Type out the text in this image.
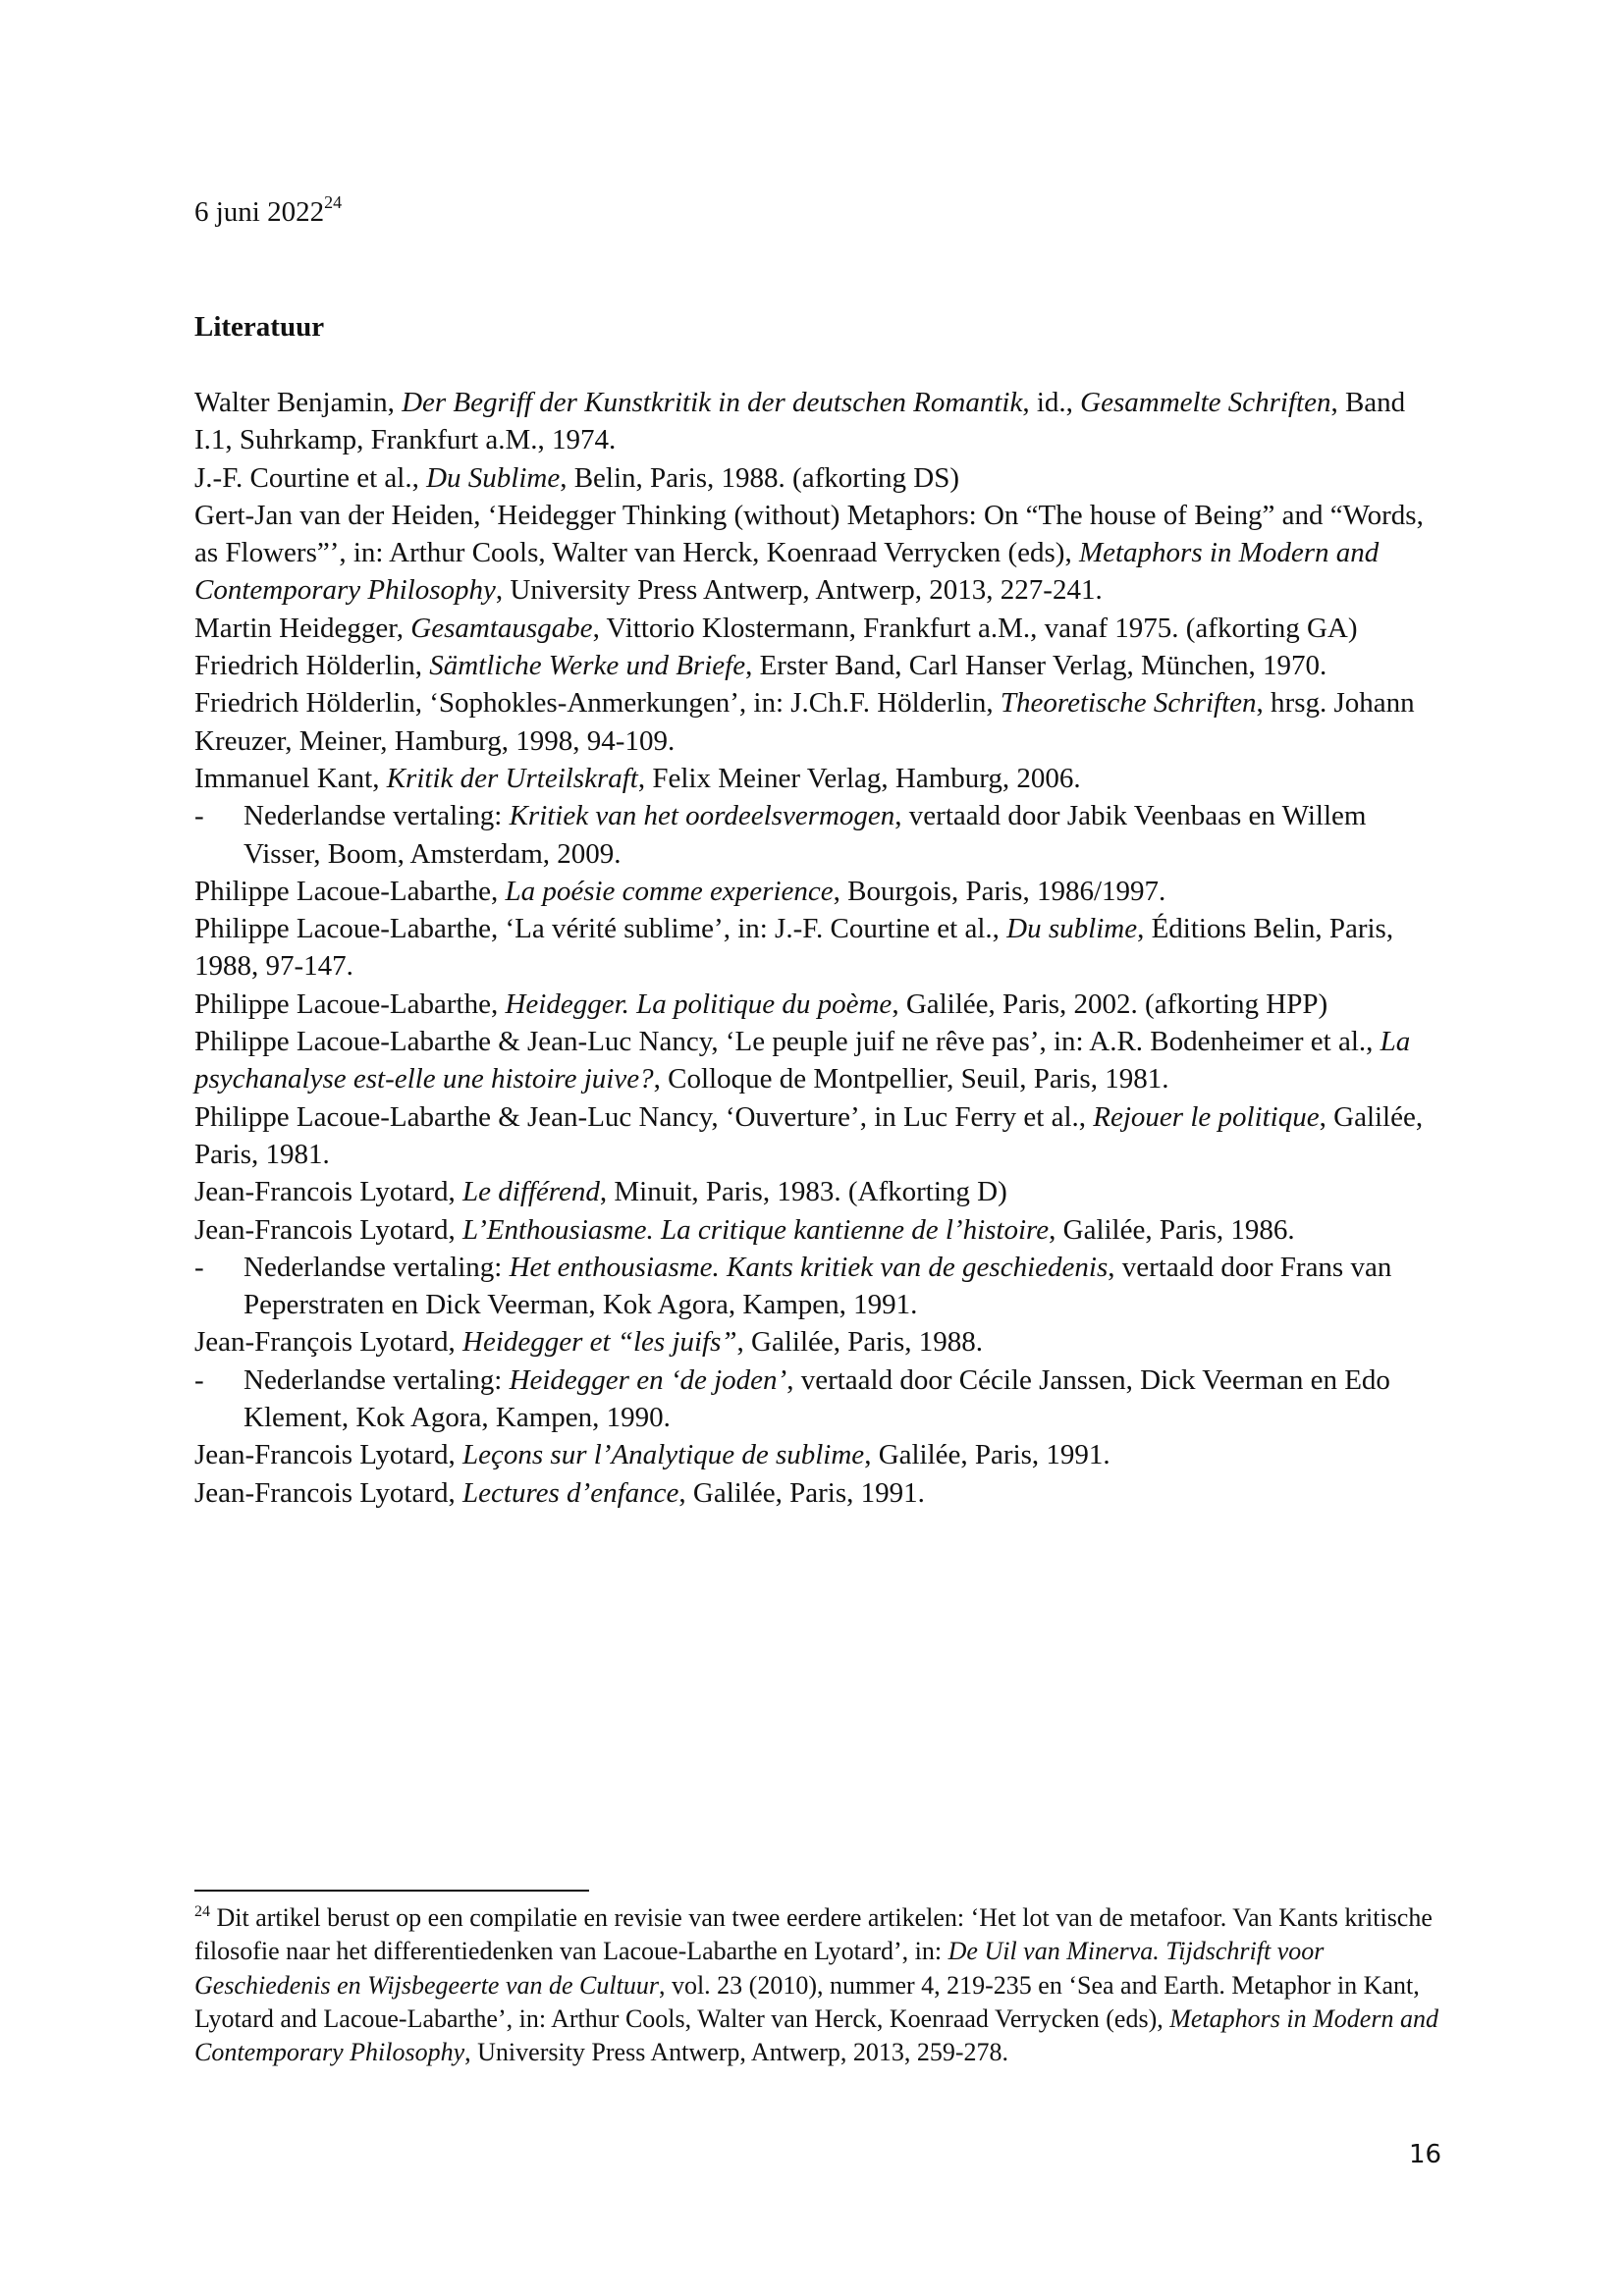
6 juni 2022$^{24}$
Literatuur
Walter Benjamin, Der Begriff der Kunstkritik in der deutschen Romantik, id., Gesammelte Schriften, Band I.1, Suhrkamp, Frankfurt a.M., 1974.
J.-F. Courtine et al., Du Sublime, Belin, Paris, 1988. (afkorting DS)
Gert-Jan van der Heiden, ‘Heidegger Thinking (without) Metaphors: On “The house of Being” and “Words, as Flowers”’, in: Arthur Cools, Walter van Herck, Koenraad Verrycken (eds), Metaphors in Modern and Contemporary Philosophy, University Press Antwerp, Antwerp, 2013, 227-241.
Martin Heidegger, Gesamtausgabe, Vittorio Klostermann, Frankfurt a.M., vanaf 1975. (afkorting GA)
Friedrich Hölderlin, Sämtliche Werke und Briefe, Erster Band, Carl Hanser Verlag, München, 1970.
Friedrich Hölderlin, ‘Sophokles-Anmerkungen’, in: J.Ch.F. Hölderlin, Theoretische Schriften, hrsg. Johann Kreuzer, Meiner, Hamburg, 1998, 94-109.
Immanuel Kant, Kritik der Urteilskraft, Felix Meiner Verlag, Hamburg, 2006.
- Nederlandse vertaling: Kritiek van het oordeelsvermogen, vertaald door Jabik Veenbaas en Willem Visser, Boom, Amsterdam, 2009.
Philippe Lacoue-Labarthe, La poésie comme experience, Bourgois, Paris, 1986/1997.
Philippe Lacoue-Labarthe, ‘La vérité sublime’, in: J.-F. Courtine et al., Du sublime, Éditions Belin, Paris, 1988, 97-147.
Philippe Lacoue-Labarthe, Heidegger. La politique du poème, Galilée, Paris, 2002. (afkorting HPP)
Philippe Lacoue-Labarthe & Jean-Luc Nancy, ‘Le peuple juif ne rêve pas’, in: A.R. Bodenheimer et al., La psychanalyse est-elle une histoire juive?, Colloque de Montpellier, Seuil, Paris, 1981.
Philippe Lacoue-Labarthe & Jean-Luc Nancy, ‘Ouverture’, in Luc Ferry et al., Rejouer le politique, Galilée, Paris, 1981.
Jean-Francois Lyotard, Le différend, Minuit, Paris, 1983. (Afkorting D)
Jean-Francois Lyotard, L’Enthousiasme. La critique kantienne de l’histoire, Galilée, Paris, 1986.
- Nederlandse vertaling: Het enthousiasme. Kants kritiek van de geschiedenis, vertaald door Frans van Peperstraten en Dick Veerman, Kok Agora, Kampen, 1991.
Jean-François Lyotard, Heidegger et “les juifs”, Galilée, Paris, 1988.
- Nederlandse vertaling: Heidegger en ‘de joden’, vertaald door Cécile Janssen, Dick Veerman en Edo Klement, Kok Agora, Kampen, 1990.
Jean-Francois Lyotard, Leçons sur l’Analytique de sublime, Galilée, Paris, 1991.
Jean-Francois Lyotard, Lectures d’enfance, Galilée, Paris, 1991.
$^{24}$ Dit artikel berust op een compilatie en revisie van twee eerdere artikelen: ‘Het lot van de metafoor. Van Kants kritische filosofie naar het differentiedenken van Lacoue-Labarthe en Lyotard’, in: De Uil van Minerva. Tijdschrift voor Geschiedenis en Wijsbegeerte van de Cultuur, vol. 23 (2010), nummer 4, 219-235 en ‘Sea and Earth. Metaphor in Kant, Lyotard and Lacoue-Labarthe’, in: Arthur Cools, Walter van Herck, Koenraad Verrycken (eds), Metaphors in Modern and Contemporary Philosophy, University Press Antwerp, Antwerp, 2013, 259-278.
16
